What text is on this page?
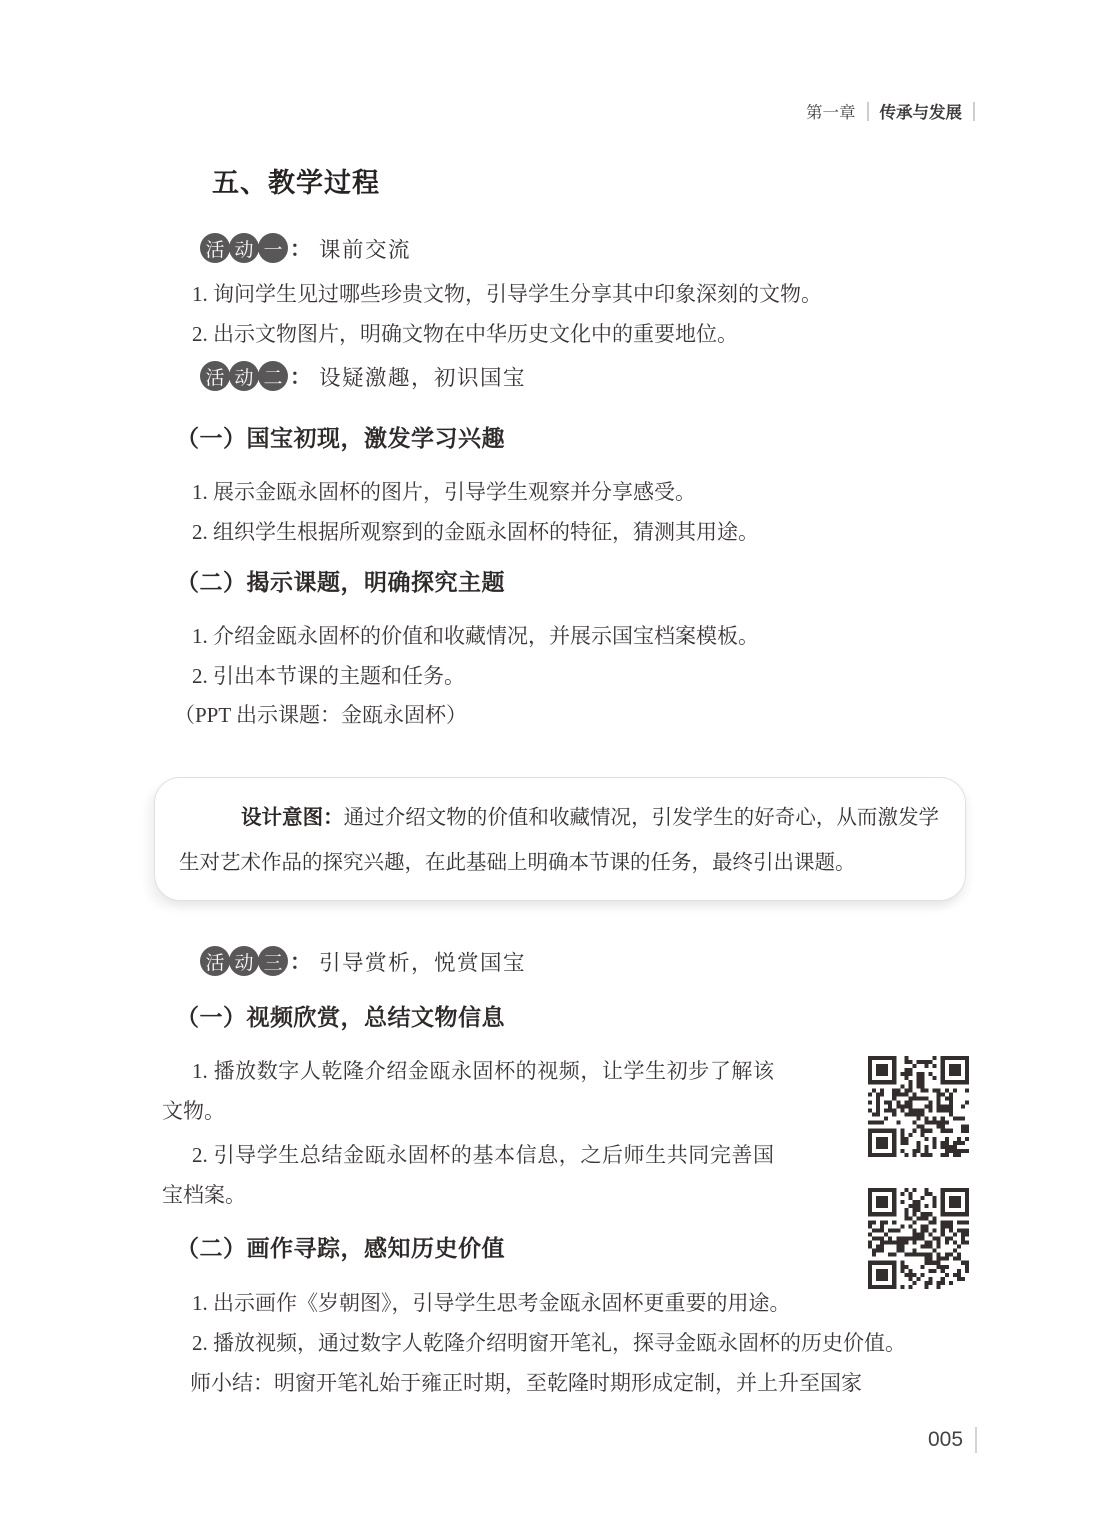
第一章 传承与发展
五、教学过程
活 动 一 ： 课前交流

1. 询问学生见过哪些珍贵文物，引导学生分享其中印象深刻的文物。

2. 出示文物图片，明确文物在中华历史文化中的重要地位。

活 动 二 ： 设疑激趣，初识国宝
（一）国宝初现，激发学习兴趣

1. 展示金瓯永固杯的图片，引导学生观察并分享感受。

2. 组织学生根据所观察到的金瓯永固杯的特征，猜测其用途。

（二）揭示课题，明确探究主题

1. 介绍金瓯永固杯的价值和收藏情况，并展示国宝档案模板。

2. 引出本节课的主题和任务。

（PPT 出示课题：金瓯永固杯）

设计意图：通过介绍文物的价值和收藏情况，引发学生的好奇心，从而激发学生对艺术作品的探究兴趣，在此基础上明确本节课的任务，最终引出课题。

活 动 三 ： 引导赏析，悦赏国宝
（一）视频欣赏，总结文物信息

1. 播放数字人乾隆介绍金瓯永固杯的视频，让学生初步了解该文物。

2. 引导学生总结金瓯永固杯的基本信息，之后师生共同完善国宝档案。

（二）画作寻踪，感知历史价值

1. 出示画作《岁朝图》，引导学生思考金瓯永固杯更重要的用途。

2. 播放视频，通过数字人乾隆介绍明窗开笔礼，探寻金瓯永固杯的历史价值。

师小结：明窗开笔礼始于雍正时期，至乾隆时期形成定制，并上升至国家

005
